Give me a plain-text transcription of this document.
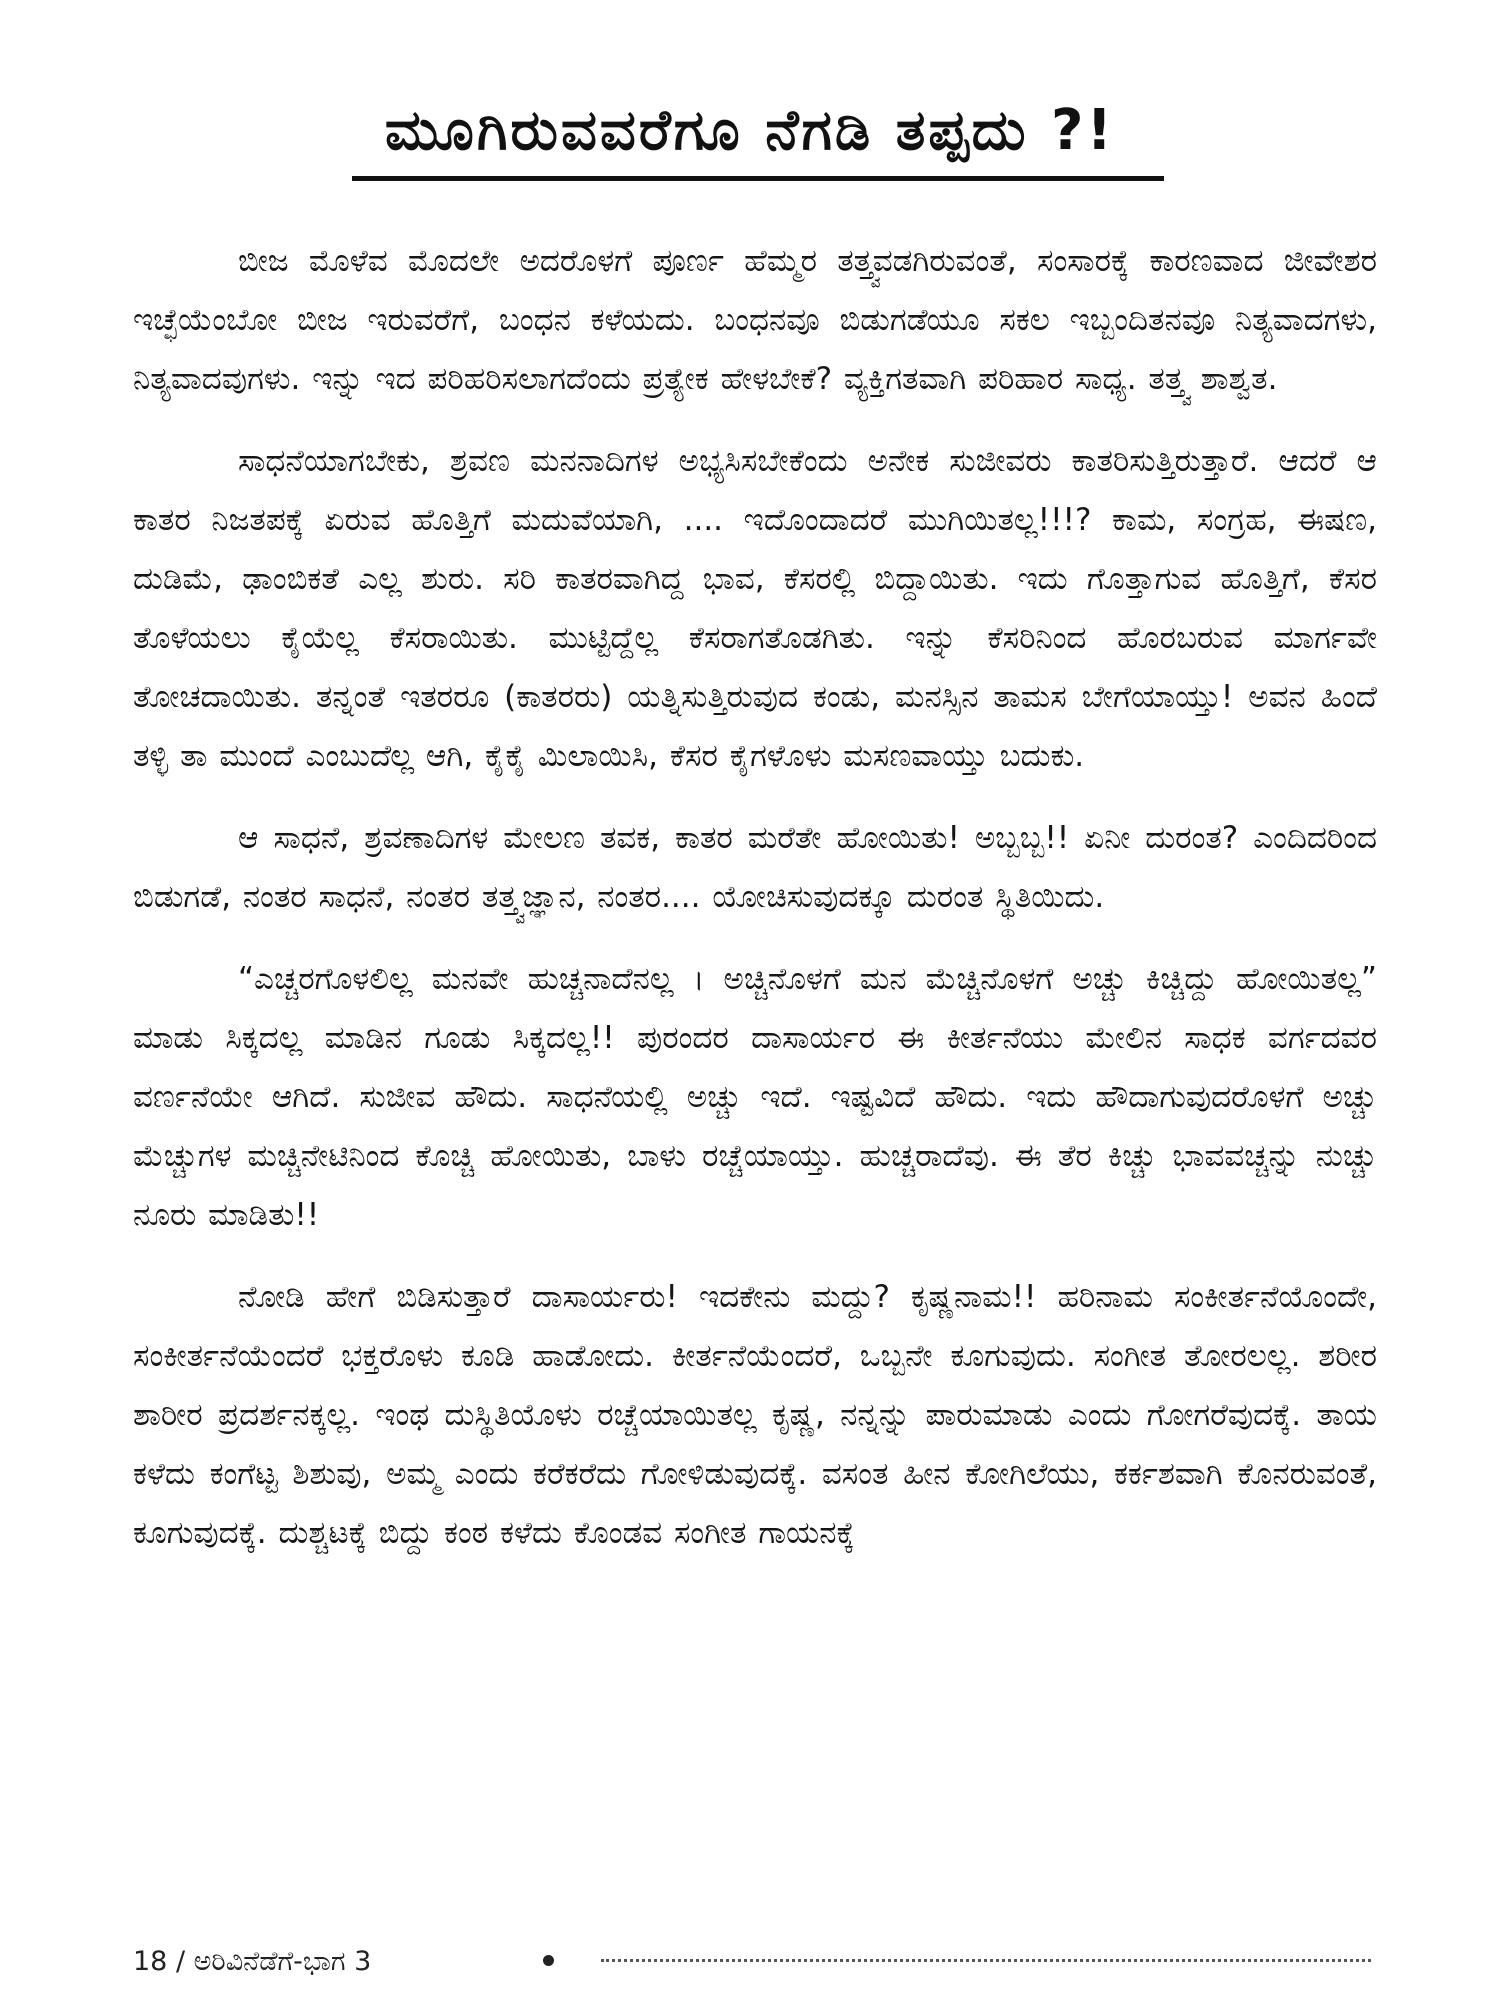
ಮೂಗಿರುವವರೆಗೂ ನೆಗಡಿ ತಪ್ಪದು ?!

ಬೀಜ ಮೊಳೆವ ಮೊದಲೇ ಅದರೊಳಗೆ ಪೂರ್ಣ ಹೆಮ್ಮರ ತತ್ತ್ವವಡಗಿರುವಂತೆ, ಸಂಸಾರಕ್ಕೆ ಕಾರಣವಾದ ಜೀವೇಶರ ಇಚ್ಛೆಯೆಂಬೋ ಬೀಜ ಇರುವರೆಗೆ, ಬಂಧನ ಕಳೆಯದು. ಬಂಧನವೂ ಬಿಡುಗಡೆಯೂ ಸಕಲ ಇಬ್ಬಂದಿತನವೂ ನಿತ್ಯವಾದಗಳು, ನಿತ್ಯವಾದವುಗಳು. ಇನ್ನು ಇದ ಪರಿಹರಿಸಲಾಗದೆಂದು ಪ್ರತ್ಯೇಕ ಹೇಳಬೇಕೆ? ವ್ಯಕ್ತಿಗತವಾಗಿ ಪರಿಹಾರ ಸಾಧ್ಯ. ತತ್ತ್ವ ಶಾಶ್ವತ.

ಸಾಧನೆಯಾಗಬೇಕು, ಶ್ರವಣ ಮನನಾದಿಗಳ ಅಭ್ಯಸಿಸಬೇಕೆಂದು ಅನೇಕ ಸುಜೀವರು ಕಾತರಿಸುತ್ತಿರುತ್ತಾರೆ. ಆದರೆ ಆ ಕಾತರ ನಿಜತಪಕ್ಕೆ ಏರುವ ಹೊತ್ತಿಗೆ ಮದುವೆಯಾಗಿ, .... ಇದೊಂದಾದರೆ ಮುಗಿಯಿತಲ್ಲ!!!? ಕಾಮ, ಸಂಗ್ರಹ, ಈಷಣ, ದುಡಿಮೆ, ಢಾಂಬಿಕತೆ ಎಲ್ಲ ಶುರು. ಸರಿ ಕಾತರವಾಗಿದ್ದ ಭಾವ, ಕೆಸರಲ್ಲಿ ಬಿದ್ದಾಯಿತು. ಇದು ಗೊತ್ತಾಗುವ ಹೊತ್ತಿಗೆ, ಕೆಸರ ತೊಳೆಯಲು ಕೈಯೆಲ್ಲ ಕೆಸರಾಯಿತು. ಮುಟ್ಟಿದ್ದೆಲ್ಲ ಕೆಸರಾಗತೊಡಗಿತು. ಇನ್ನು ಕೆಸರಿನಿಂದ ಹೊರಬರುವ ಮಾರ್ಗವೇ ತೋಚದಾಯಿತು. ತನ್ನಂತೆ ಇತರರೂ (ಕಾತರರು) ಯತ್ನಿಸುತ್ತಿರುವುದ ಕಂಡು, ಮನಸ್ಸಿನ ತಾಮಸ ಬೇಗೆಯಾಯ್ತು! ಅವನ ಹಿಂದೆ ತಳ್ಳಿ ತಾ ಮುಂದೆ ಎಂಬುದೆಲ್ಲ ಆಗಿ, ಕೈಕೈ ಮಿಲಾಯಿಸಿ, ಕೆಸರ ಕೈಗಳೊಳು ಮಸಣವಾಯ್ತು ಬದುಕು.

ಆ ಸಾಧನೆ, ಶ್ರವಣಾದಿಗಳ ಮೇಲಣ ತವಕ, ಕಾತರ ಮರೆತೇ ಹೋಯಿತು! ಅಬ್ಬಬ್ಬ!! ಏನೀ ದುರಂತ? ಎಂದಿದರಿಂದ ಬಿಡುಗಡೆ, ನಂತರ ಸಾಧನೆ, ನಂತರ ತತ್ತ್ವಜ್ಞಾನ, ನಂತರ.... ಯೋಚಿಸುವುದಕ್ಕೂ ದುರಂತ ಸ್ಥಿತಿಯಿದು.

“ಎಚ್ಚರಗೊಳಲಿಲ್ಲ ಮನವೇ ಹುಚ್ಚನಾದೆನಲ್ಲ । ಅಚ್ಚಿನೊಳಗೆ ಮನ ಮೆಚ್ಚಿನೊಳಗೆ ಅಚ್ಚು ಕಿಚ್ಚಿದ್ದು ಹೋಯಿತಲ್ಲ” ಮಾಡು ಸಿಕ್ಕದಲ್ಲ ಮಾಡಿನ ಗೂಡು ಸಿಕ್ಕದಲ್ಲ!! ಪುರಂದರ ದಾಸಾರ್ಯರ ಈ ಕೀರ್ತನೆಯು ಮೇಲಿನ ಸಾಧಕ ವರ್ಗದವರ ವರ್ಣನೆಯೇ ಆಗಿದೆ. ಸುಜೀವ ಹೌದು. ಸಾಧನೆಯಲ್ಲಿ ಅಚ್ಚು ಇದೆ. ಇಷ್ಟವಿದೆ ಹೌದು. ಇದು ಹೌದಾಗುವುದರೊಳಗೆ ಅಚ್ಚು ಮೆಚ್ಚುಗಳ ಮಚ್ಚಿನೇಟಿನಿಂದ ಕೊಚ್ಚಿ ಹೋಯಿತು, ಬಾಳು ರಚ್ಚೆಯಾಯ್ತು. ಹುಚ್ಚರಾದೆವು. ಈ ತೆರ ಕಿಚ್ಚು ಭಾವವಚ್ಚನ್ನು ನುಚ್ಚು ನೂರು ಮಾಡಿತು!!

ನೋಡಿ ಹೇಗೆ ಬಿಡಿಸುತ್ತಾರೆ ದಾಸಾರ್ಯರು! ಇದಕೇನು ಮದ್ದು? ಕೃಷ್ಣನಾಮ!! ಹರಿನಾಮ ಸಂಕೀರ್ತನೆಯೊಂದೇ, ಸಂಕೀರ್ತನೆಯೆಂದರೆ ಭಕ್ತರೊಳು ಕೂಡಿ ಹಾಡೋದು. ಕೀರ್ತನೆಯೆಂದರೆ, ಒಬ್ಬನೇ ಕೂಗುವುದು. ಸಂಗೀತ ತೋರಲಲ್ಲ. ಶರೀರ ಶಾರೀರ ಪ್ರದರ್ಶನಕ್ಕಲ್ಲ. ಇಂಥ ದುಸ್ಥಿತಿಯೊಳು ರಚ್ಚೆಯಾಯಿತಲ್ಲ ಕೃಷ್ಣ, ನನ್ನನ್ನು ಪಾರುಮಾಡು ಎಂದು ಗೋಗರೆವುದಕ್ಕೆ. ತಾಯ ಕಳೆದು ಕಂಗೆಟ್ಟ ಶಿಶುವು, ಅಮ್ಮ ಎಂದು ಕರೆಕರೆದು ಗೋಳಿಡುವುದಕ್ಕೆ. ವಸಂತ ಹೀನ ಕೋಗಿಲೆಯು, ಕರ್ಕಶವಾಗಿ ಕೊನರುವಂತೆ, ಕೂಗುವುದಕ್ಕೆ. ದುಶ್ಚಟಕ್ಕೆ ಬಿದ್ದು ಕಂಠ ಕಳೆದು ಕೊಂಡವ ಸಂಗೀತ ಗಾಯನಕ್ಕೆ

18 / ಅರಿವಿನೆಡೆಗೆ-ಭಾಗ 3
